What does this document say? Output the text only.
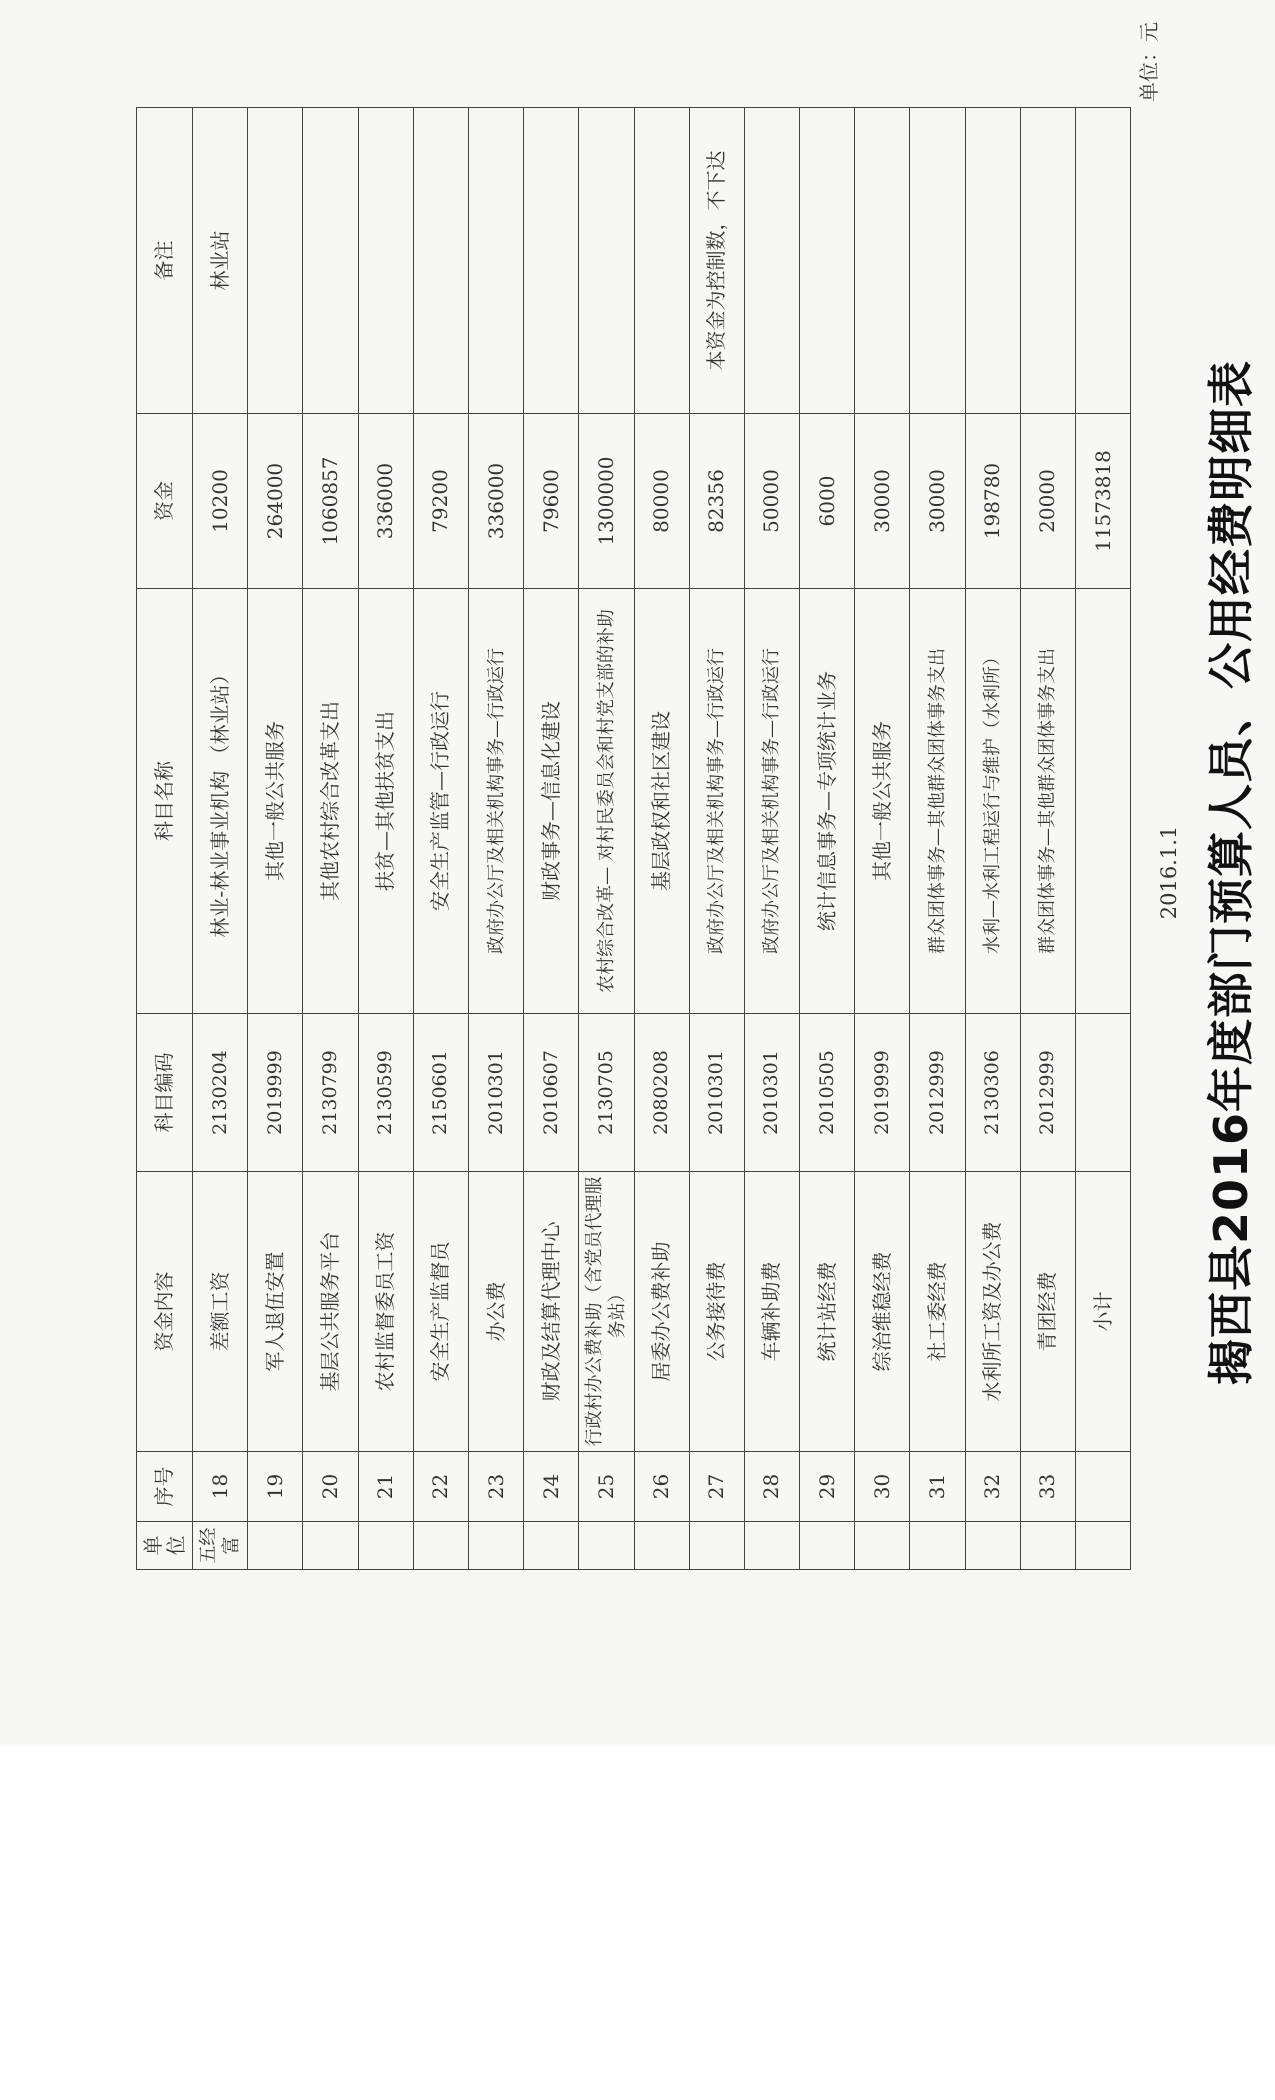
揭西县2016年度部门预算人员、公用经费明细表
2016.1.1
单位：元
单位	序号	资金内容	科目编码	科目名称	资金	备注
五经富	18	差额工资	2130204	林业-林业事业机构 （林业站）	10200	林业站
	19	军人退伍安置	2019999	其他一般公共服务	264000	
	20	基层公共服务平台	2130799	其他农村综合改革支出	1060857	
	21	农村监督委员工资	2130599	扶贫—其他扶贫支出	336000	
	22	安全生产监督员	2150601	安全生产监管—行政运行	79200	
	23	办公费	2010301	政府办公厅及相关机构事务—行政运行	336000	
	24	财政及结算代理中心	2010607	财政事务—信息化建设	79600	
	25	行政村办公费补助（含党员代理服务站）	2130705	农村综合改革— 对村民委员会和村党支部的补助	1300000	
	26	居委办公费补助	2080208	基层政权和社区建设	80000	
	27	公务接待费	2010301	政府办公厅及相关机构事务—行政运行	82356	本资金为控制数，不下达
	28	车辆补助费	2010301	政府办公厅及相关机构事务—行政运行	50000	
	29	统计站经费	2010505	统计信息事务—专项统计业务	6000	
	30	综治维稳经费	2019999	其他一般公共服务	30000	
	31	社工委经费	2012999	群众团体事务—其他群众团体事务支出	30000	
	32	水利所工资及办公费	2130306	水利—水利工程运行与维护（水利所）	198780	
	33	青团经费	2012999	群众团体事务—其他群众团体事务支出	20000	
		小计			11573818	
